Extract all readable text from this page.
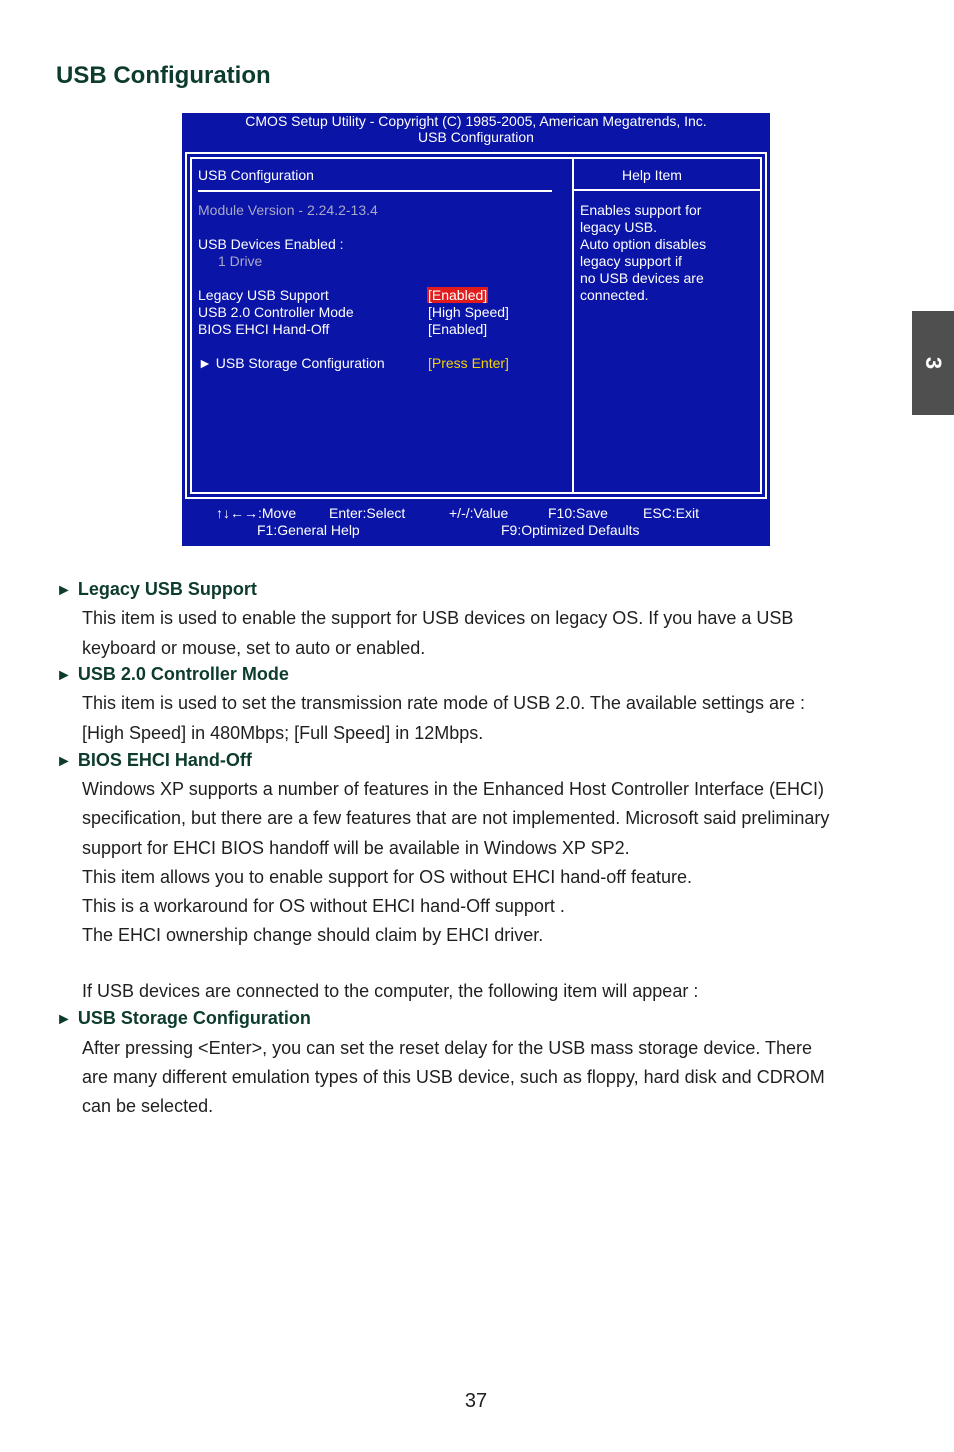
USB Configuration
3
CMOS Setup Utility - Copyright (C) 1985-2005, American Megatrends, Inc.
USB Configuration
USB Configuration
Module Version - 2.24.2-13.4
USB Devices Enabled :
1 Drive
Legacy USB Support	[Enabled]
USB 2.0 Controller Mode	[High Speed]
BIOS EHCI Hand-Off	[Enabled]
► USB Storage Configuration	[Press Enter]
Help Item
Enables support for
legacy USB.
Auto option disables
legacy support if
no USB devices are
connected.
↑↓←→:Move Enter:Select	+/-/:Value	F10:Save	ESC:Exit
F1:General Help	F9:Optimized Defaults
► Legacy USB Support

This item is used to enable the support for USB devices on legacy OS. If you have a USB

keyboard or mouse, set to auto or enabled.

► USB 2.0 Controller Mode

This item is used to set the transmission rate mode of USB 2.0. The available settings are :

[High Speed] in 480Mbps; [Full Speed] in 12Mbps.

► BIOS EHCI Hand-Off

Windows XP supports a number of features in the Enhanced Host Controller Interface (EHCI)

specification, but there are a few features that are not implemented. Microsoft said preliminary

support for EHCI BIOS handoff will be available in Windows XP SP2.

This item allows you to enable support for OS without EHCI hand-off feature.

This is a workaround for OS without EHCI hand-Off support .

The EHCI ownership change should claim by EHCI driver.

If USB devices are connected to the computer, the following item will appear :

► USB Storage Configuration

After pressing <Enter>, you can set the reset delay for the USB mass storage device. There

are many different emulation types of this USB device, such as floppy, hard disk and CDROM

can be selected.

37
